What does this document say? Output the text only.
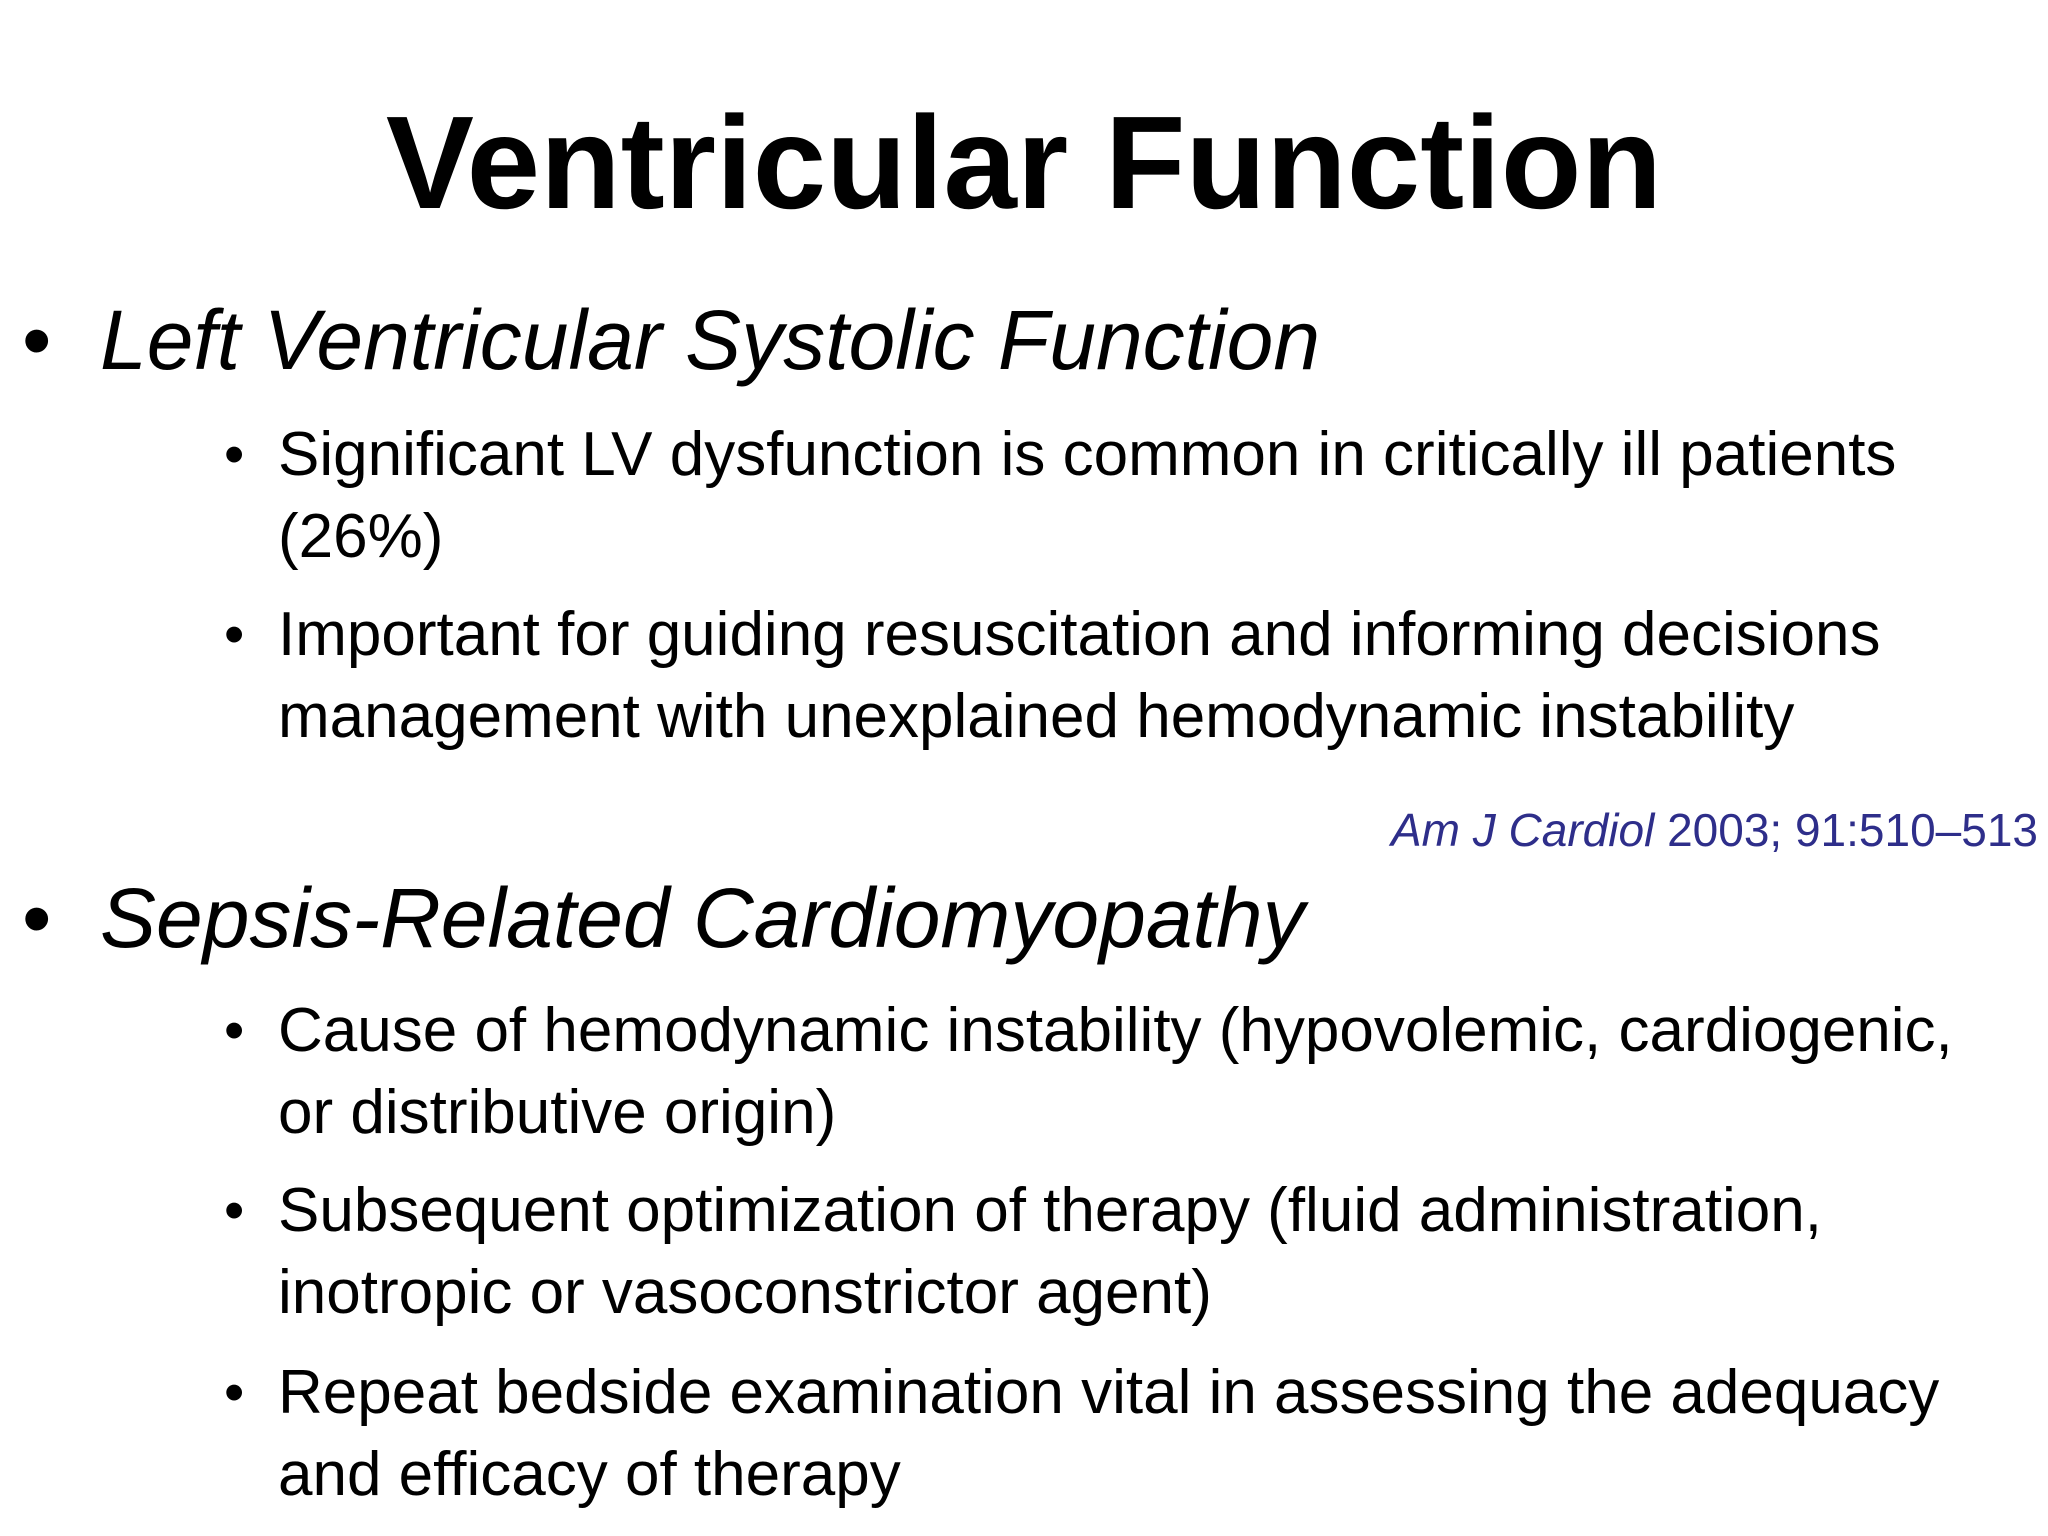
Ventricular Function
• Left Ventricular Systolic Function
• Significant LV dysfunction is common in critically ill patients (26%)
• Important for guiding resuscitation and informing decisions management with unexplained hemodynamic instability
Am J Cardiol 2003; 91:510–513
• Sepsis-Related Cardiomyopathy
• Cause of hemodynamic instability (hypovolemic, cardiogenic, or distributive origin)
• Subsequent optimization of therapy (fluid administration, inotropic or vasoconstrictor agent)
• Repeat bedside examination vital in assessing the adequacy and efficacy of therapy
